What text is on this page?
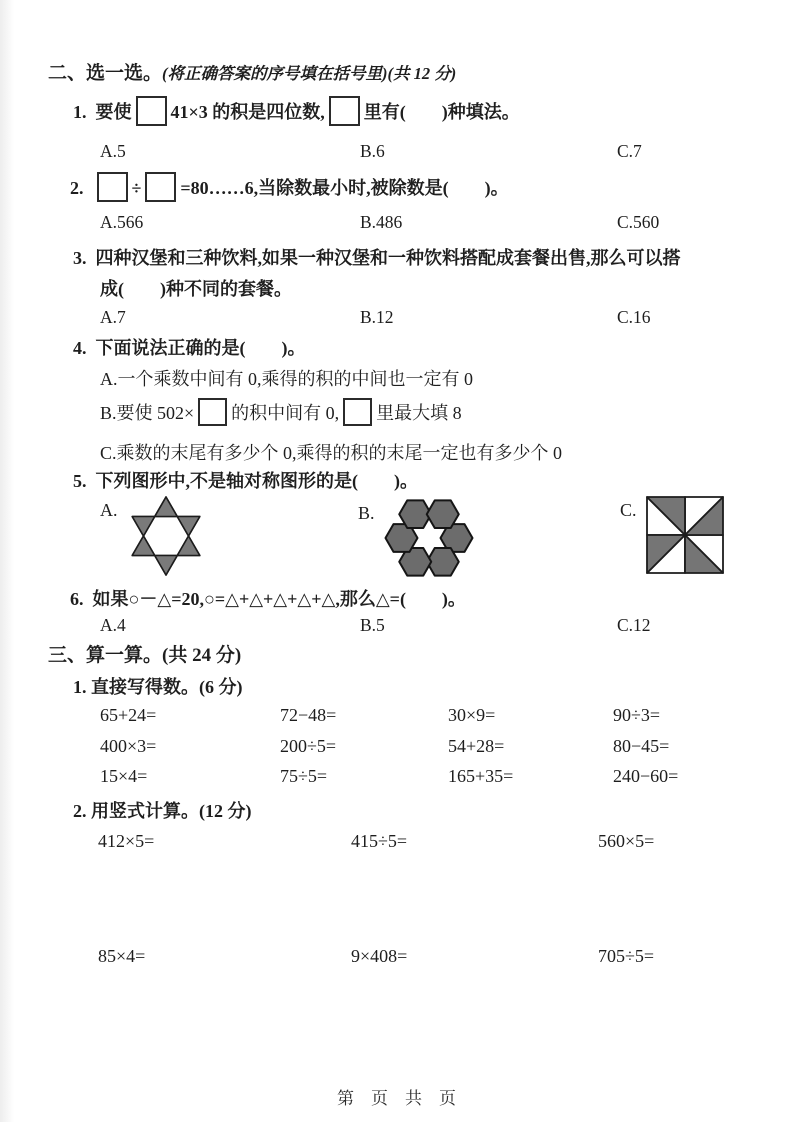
二、选一选。(将正确答案的序号填在括号里)(共 12 分)
1. 要使 41×3 的积是四位数, 里有(　　)种填法。
A.5	B.6	C.7
2.	÷ =80……6,当除数最小时,被除数是(　　)。
A.566	B.486	C.560
3. 四种汉堡和三种饮料,如果一种汉堡和一种饮料搭配成套餐出售,那么可以搭
成(　　)种不同的套餐。
A.7	B.12	C.16
4. 下面说法正确的是(　　)。
A.一个乘数中间有 0,乘得的积的中间也一定有 0
B.要使 502× 的积中间有 0, 里最大填 8
C.乘数的末尾有多少个 0,乘得的积的末尾一定也有多少个 0
5. 下列图形中,不是轴对称图形的是(　　)。
A.	B.	C.
6. 如果○－△=20,○=△+△+△+△+△,那么△=(　　)。
A.4	B.5	C.12
三、算一算。(共 24 分)
1. 直接写得数。(6 分)
65+24=	72−48=	30×9=	90÷3=
400×3=	200÷5=	54+28=	80−45=
15×4=	75÷5=	165+35=	240−60=
2. 用竖式计算。(12 分)
412×5=	415÷5=	560×5=
85×4=	9×408=	705÷5=
第　页　共　页
